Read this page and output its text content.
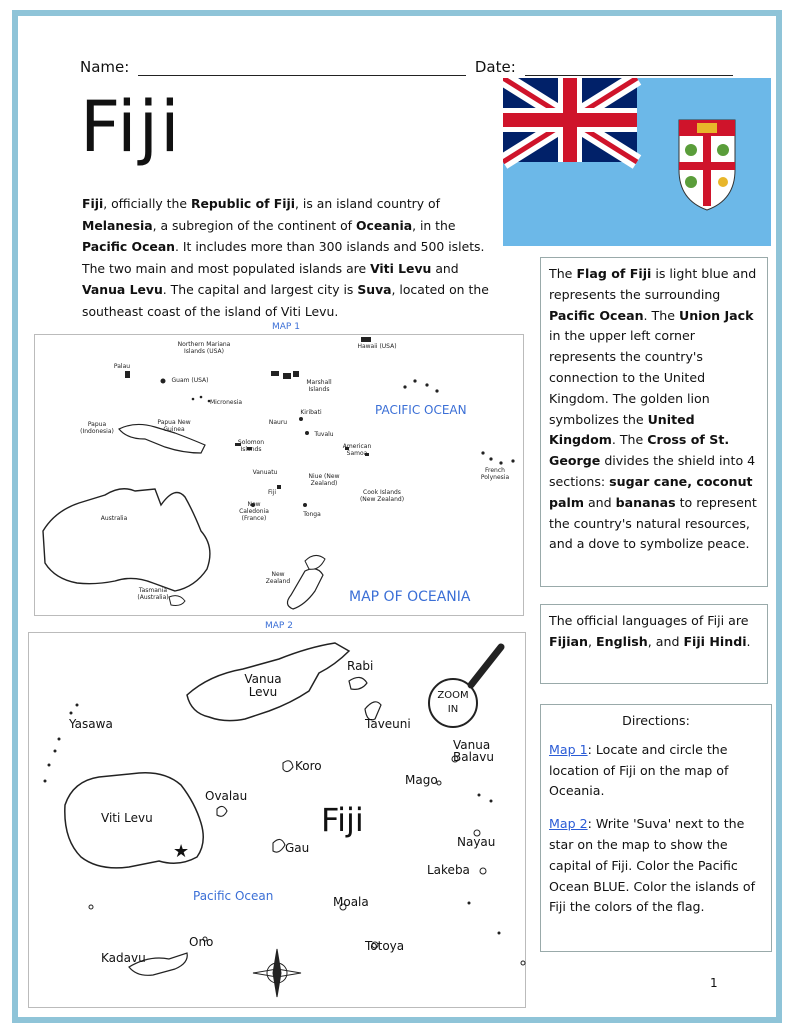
Name:	Date:
Fiji
Fiji, officially the Republic of Fiji, is an island country of Melanesia, a subregion of the continent of Oceania, in the Pacific Ocean. It includes more than 300 islands and 500 islets. The two main and most populated islands are Viti Levu and Vanua Levu. The capital and largest city is Suva, located on the southeast coast of the island of Viti Levu.
The Flag of Fiji is light blue and represents the surrounding Pacific Ocean. The Union Jack in the upper left corner represents the country's connection to the United Kingdom. The golden lion symbolizes the United Kingdom. The Cross of St. George divides the shield into 4 sections: sugar cane, coconut palm and bananas to represent the country's natural resources, and a dove to symbolize peace.
The official languages of Fiji are Fijian, English, and Fiji Hindi.
Directions:

Map 1: Locate and circle the location of Fiji on the map of Oceania.

Map 2: Write 'Suva' next to the star on the map to show the capital of Fiji. Color the Pacific Ocean BLUE. Color the islands of Fiji the colors of the flag.

MAP 1
Northern Mariana Islands (USA)
Hawaii (USA)
Palau
Guam (USA)
Micronesia
Marshall Islands
PACIFIC OCEAN
Papua (Indonesia)
Papua New Guinea
Nauru
Kiribati
Tuvalu
Solomon Islands	American Samoa
Vanuatu
Fiji
Niue (New Zealand)
Cook Islands (New Zealand)
French Polynesia
Australia
New Caledonia (France)
Tonga
New Zealand
Tasmania (Australia)	MAP OF OCEANIA
MAP 2
★
Rabi
Vanua Levu
Taveuni
ZOOM IN
Yasawa
Vanua Balavu
Koro
Mago
Ovalau
Viti Levu	Fiji
Nayau
Gau
Lakeba
Pacific Ocean	Moala
Ono	Totoya
Kadavu
1
